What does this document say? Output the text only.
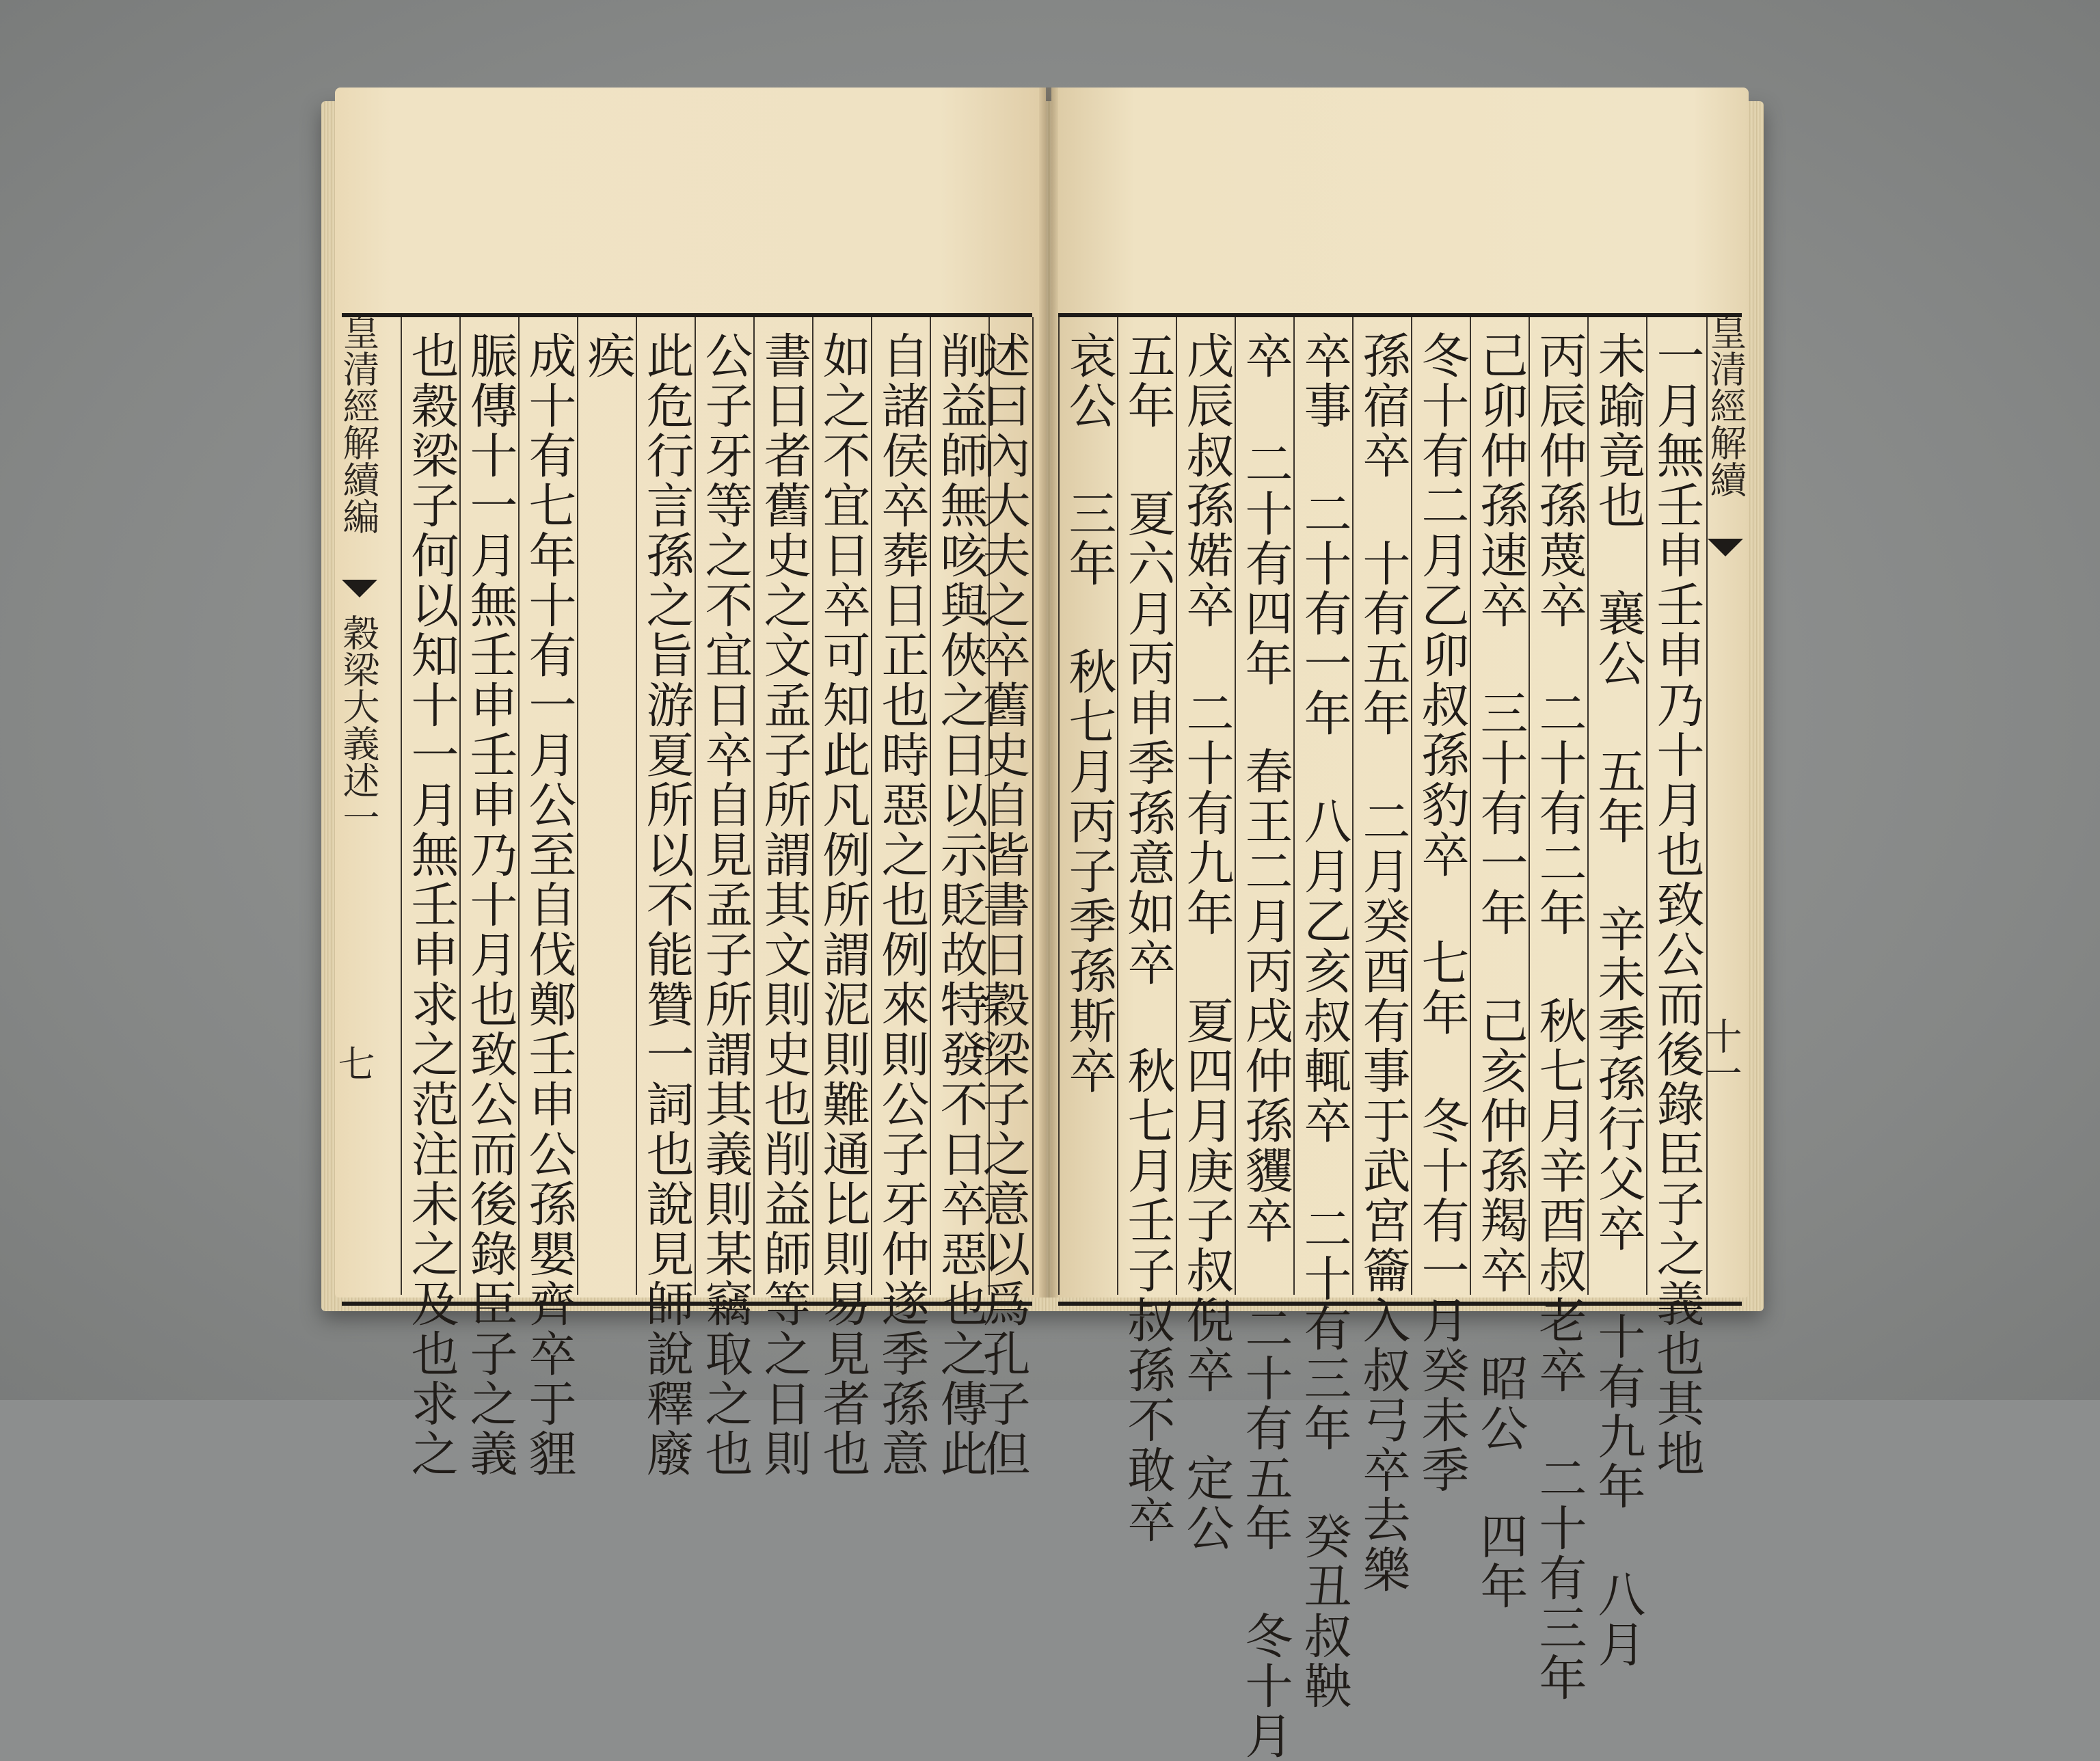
皇清經解續編
穀梁大義述一
七
皇清經解續
十一
也穀梁子何以知十一月無壬申求之范注未之及也求之 脤傳十一月無壬申壬申乃十月也致公而後錄臣子之義 成十有七年十有一月公至自伐鄭壬申公孫嬰齊卒于貍 疾 此危行言孫之旨游夏所以不能贊一詞也說見師說釋廢 公子牙等之不宜日卒自見孟子所謂其義則某竊取之也 書日者舊史之文孟子所謂其文則史也削益師等之日則 如之不宜日卒可知此凡例所謂泥則難通比則易見者也 自諸侯卒葬日正也時惡之也例來則公子牙仲遂季孫意 削益師無咳與俠之日以示貶故特發不日卒惡也之傳此
述曰內大夫之卒舊史自皆書日穀梁子之意以爲孔子但 哀公 三年 秋七月丙子季孫斯卒 五年 夏六月丙申季孫意如卒 秋七月壬子叔孫不敢卒 戊辰叔孫婼卒 二十有九年 夏四月庚子叔倪卒 定公 卒 二十有四年 春王二月丙戌仲孫貜卒 二十有五年 冬十月 卒事 二十有一年 八月乙亥叔輒卒 二十有三年 癸丑叔鞅 孫宿卒 十有五年 二月癸酉有事于武宮籥入叔弓卒去樂 冬十有二月乙卯叔孫豹卒 七年 冬十有一月癸未季 己卯仲孫速卒 三十有一年 己亥仲孫羯卒 昭公 四年 丙辰仲孫蔑卒 二十有二年 秋七月辛酉叔老卒 二十有三年 未踰竟也 襄公 五年 辛未季孫行父卒 十有九年 八月 一月無壬申壬申乃十月也致公而後錄臣子之義也其地
